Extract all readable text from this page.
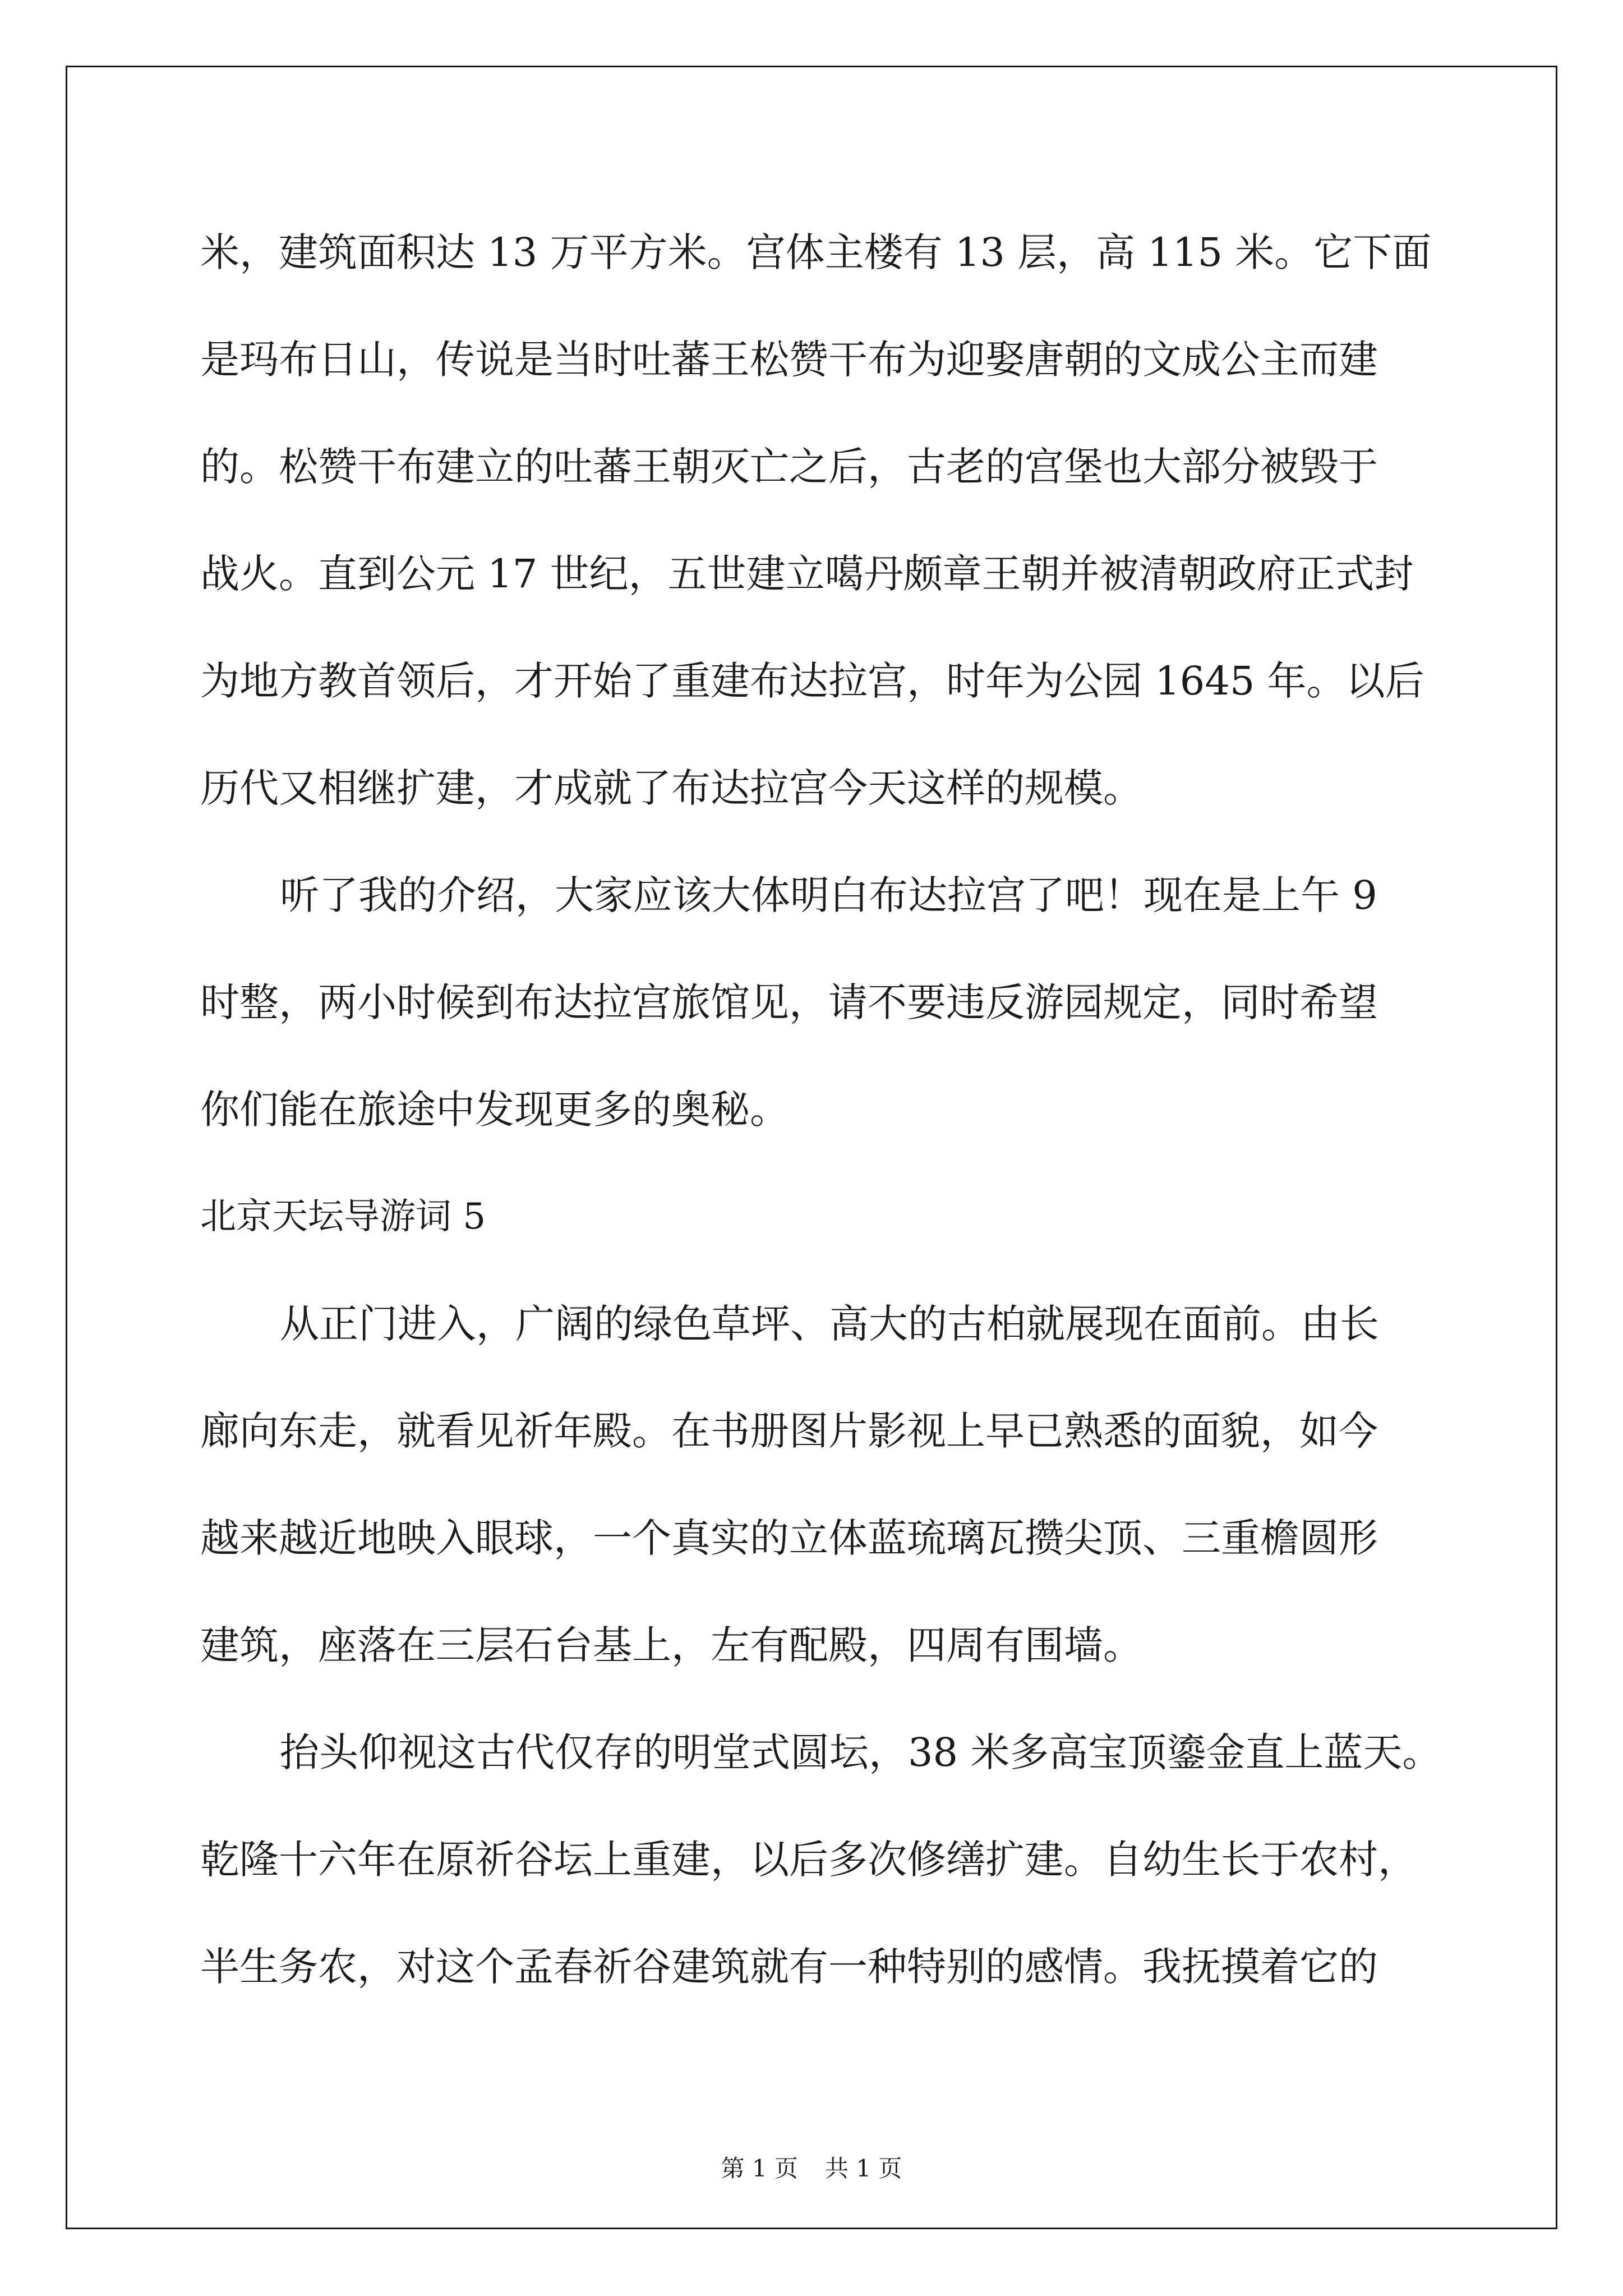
米，建筑面积达 13 万平方米。宫体主楼有 13 层，高 115 米。它下面

是玛布日山，传说是当时吐蕃王松赞干布为迎娶唐朝的文成公主而建

的。松赞干布建立的吐蕃王朝灭亡之后，古老的宫堡也大部分被毁于

战火。直到公元 17 世纪，五世建立噶丹颇章王朝并被清朝政府正式封

为地方教首领后，才开始了重建布达拉宫，时年为公园 1645 年。以后

历代又相继扩建，才成就了布达拉宫今天这样的规模。

听了我的介绍，大家应该大体明白布达拉宫了吧！现在是上午 9

时整，两小时候到布达拉宫旅馆见，请不要违反游园规定，同时希望

你们能在旅途中发现更多的奥秘。

北京天坛导游词 5

从正门进入，广阔的绿色草坪、高大的古柏就展现在面前。由长

廊向东走，就看见祈年殿。在书册图片影视上早已熟悉的面貌，如今

越来越近地映入眼球，一个真实的立体蓝琉璃瓦攒尖顶、三重檐圆形

建筑，座落在三层石台基上，左有配殿，四周有围墙。

抬头仰视这古代仅存的明堂式圆坛，38 米多高宝顶鎏金直上蓝天。

乾隆十六年在原祈谷坛上重建，以后多次修缮扩建。自幼生长于农村，

半生务农，对这个孟春祈谷建筑就有一种特别的感情。我抚摸着它的

第 1 页 共 1 页
